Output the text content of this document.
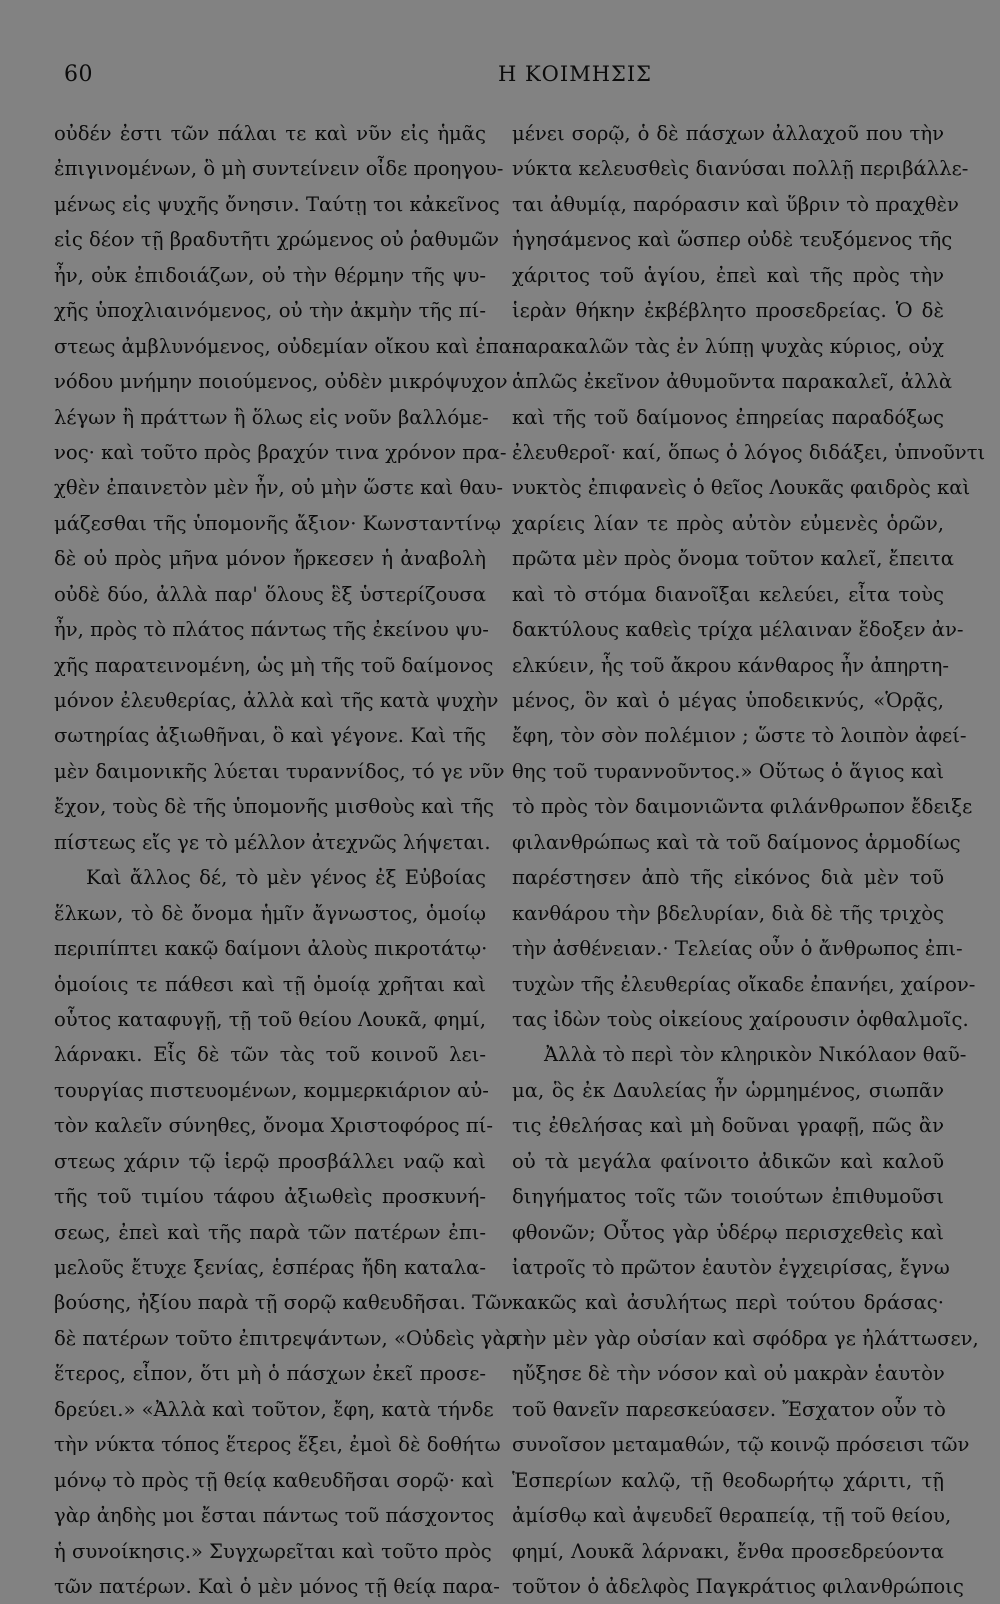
60	Η ΚΟΙΜΗΣΙΣ
οὐδέν ἐστι τῶν πάλαι τε καὶ νῦν εἰς ἡμᾶς
ἐπιγινομένων, ὃ μὴ συντείνειν οἶδε προηγου-
μένως εἰς ψυχῆς ὄνησιν. Ταύτῃ τοι κἀκεῖνος
εἰς δέον τῇ βραδυτῆτι χρώμενος οὐ ῥαθυμῶν
ἦν, οὐκ ἐπιδοιάζων, οὐ τὴν θέρμην τῆς ψυ-
χῆς ὑποχλιαινόμενος, οὐ τὴν ἀκμὴν τῆς πί-
στεως ἀμβλυνόμενος, οὐδεμίαν οἴκου καὶ ἐπα-
νόδου μνήμην ποιούμενος, οὐδὲν μικρόψυχον
λέγων ἢ πράττων ἢ ὅλως εἰς νοῦν βαλλόμε-
νος· καὶ τοῦτο πρὸς βραχύν τινα χρόνον πρα-
χθὲν ἐπαινετὸν μὲν ἦν, οὐ μὴν ὥστε καὶ θαυ-
μάζεσθαι τῆς ὑπομονῆς ἄξιον· Κωνσταντίνῳ
δὲ οὐ πρὸς μῆνα μόνον ἤρκεσεν ἡ ἀναβολὴ
οὐδὲ δύο, ἀλλὰ παρ' ὅλους ἓξ ὑστερίζουσα
ἦν, πρὸς τὸ πλάτος πάντως τῆς ἐκείνου ψυ-
χῆς παρατεινομένη, ὡς μὴ τῆς τοῦ δαίμονος
μόνον ἐλευθερίας, ἀλλὰ καὶ τῆς κατὰ ψυχὴν
σωτηρίας ἀξιωθῆναι, ὃ καὶ γέγονε. Καὶ τῆς
μὲν δαιμονικῆς λύεται τυραννίδος, τό γε νῦν
ἔχον, τοὺς δὲ τῆς ὑπομονῆς μισθοὺς καὶ τῆς
πίστεως εἴς γε τὸ μέλλον ἀτεχνῶς λήψεται.
Καὶ ἄλλος δέ, τὸ μὲν γένος ἐξ Εὐβοίας
ἕλκων, τὸ δὲ ὄνομα ἡμῖν ἄγνωστος, ὁμοίῳ
περιπίπτει κακῷ δαίμονι ἀλοὺς πικροτάτῳ·
ὁμοίοις τε πάθεσι καὶ τῇ ὁμοίᾳ χρῆται καὶ
οὗτος καταφυγῇ, τῇ τοῦ θείου Λουκᾶ, φημί,
λάρνακι. Εἷς δὲ τῶν τὰς τοῦ κοινοῦ λει-
τουργίας πιστευομένων, κομμερκιάριον αὐ-
τὸν καλεῖν σύνηθες, ὄνομα Χριστοφόρος πί-
στεως χάριν τῷ ἱερῷ προσβάλλει ναῷ καὶ
τῆς τοῦ τιμίου τάφου ἀξιωθεὶς προσκυνή-
σεως, ἐπεὶ καὶ τῆς παρὰ τῶν πατέρων ἐπι-
μελοῦς ἔτυχε ξενίας, ἑσπέρας ἤδη καταλα-
βούσης, ἠξίου παρὰ τῇ σορῷ καθευδῆσαι. Τῶν
δὲ πατέρων τοῦτο ἐπιτρεψάντων, «Οὐδεὶς γὰρ
ἕτερος, εἶπον, ὅτι μὴ ὁ πάσχων ἐκεῖ προσε-
δρεύει.» «Ἀλλὰ καὶ τοῦτον, ἔφη, κατὰ τήνδε
τὴν νύκτα τόπος ἕτερος ἕξει, ἐμοὶ δὲ δοθήτω
μόνῳ τὸ πρὸς τῇ θείᾳ καθευδῆσαι σορῷ· καὶ
γὰρ ἀηδὴς μοι ἔσται πάντως τοῦ πάσχοντος
ἡ συνοίκησις.» Συγχωρεῖται καὶ τοῦτο πρὸς
τῶν πατέρων. Καὶ ὁ μὲν μόνος τῇ θείᾳ παρα-
μένει σορῷ, ὁ δὲ πάσχων ἀλλαχοῦ που τὴν
νύκτα κελευσθεὶς διανύσαι πολλῇ περιβάλλε-
ται ἀθυμίᾳ, παρόρασιν καὶ ὕβριν τὸ πραχθὲν
ἡγησάμενος καὶ ὥσπερ οὐδὲ τευξόμενος τῆς
χάριτος τοῦ ἁγίου, ἐπεὶ καὶ τῆς πρὸς τὴν
ἱερὰν θήκην ἐκβέβλητο προσεδρείας. Ὁ δὲ
παρακαλῶν τὰς ἐν λύπῃ ψυχὰς κύριος, οὐχ
ἁπλῶς ἐκεῖνον ἀθυμοῦντα παρακαλεῖ, ἀλλὰ
καὶ τῆς τοῦ δαίμονος ἐπηρείας παραδόξως
ἐλευθεροῖ· καί, ὅπως ὁ λόγος διδάξει, ὑπνοῦντι
νυκτὸς ἐπιφανεὶς ὁ θεῖος Λουκᾶς φαιδρὸς καὶ
χαρίεις λίαν τε πρὸς αὐτὸν εὐμενὲς ὁρῶν,
πρῶτα μὲν πρὸς ὄνομα τοῦτον καλεῖ, ἔπειτα
καὶ τὸ στόμα διανοῖξαι κελεύει, εἶτα τοὺς
δακτύλους καθεὶς τρίχα μέλαιναν ἔδοξεν ἀν-
ελκύειν, ἧς τοῦ ἄκρου κάνθαρος ἦν ἀπηρτη-
μένος, ὃν καὶ ὁ μέγας ὑποδεικνύς, «Ὁρᾷς,
ἔφη, τὸν σὸν πολέμιον ; ὥστε τὸ λοιπὸν ἀφεί-
θης τοῦ τυραννοῦντος.» Οὕτως ὁ ἅγιος καὶ
τὸ πρὸς τὸν δαιμονιῶντα φιλάνθρωπον ἔδειξε
φιλανθρώπως καὶ τὰ τοῦ δαίμονος ἁρμοδίως
παρέστησεν ἀπὸ τῆς εἰκόνος διὰ μὲν τοῦ
κανθάρου τὴν βδελυρίαν, διὰ δὲ τῆς τριχὸς
τὴν ἀσθένειαν.· Τελείας οὖν ὁ ἄνθρωπος ἐπι-
τυχὼν τῆς ἐλευθερίας οἴκαδε ἐπανήει, χαίρον-
τας ἰδὼν τοὺς οἰκείους χαίρουσιν ὀφθαλμοῖς.
Ἀλλὰ τὸ περὶ τὸν κληρικὸν Νικόλαον θαῦ-
μα, ὃς ἐκ Δαυλείας ἦν ὡρμημένος, σιωπᾶν
τις ἐθελήσας καὶ μὴ δοῦναι γραφῇ, πῶς ἂν
οὐ τὰ μεγάλα φαίνοιτο ἀδικῶν καὶ καλοῦ
διηγήματος τοῖς τῶν τοιούτων ἐπιθυμοῦσι
φθονῶν; Οὗτος γὰρ ὑδέρῳ περισχεθεὶς καὶ
ἰατροῖς τὸ πρῶτον ἑαυτὸν ἐγχειρίσας, ἔγνω
κακῶς καὶ ἀσυλήτως περὶ τούτου δράσας·
τὴν μὲν γὰρ οὐσίαν καὶ σφόδρα γε ἠλάττωσεν,
ηὔξησε δὲ τὴν νόσον καὶ οὐ μακρὰν ἑαυτὸν
τοῦ θανεῖν παρεσκεύασεν. Ἔσχατον οὖν τὸ
συνοῖσον μεταμαθών, τῷ κοινῷ πρόσεισι τῶν
Ἑσπερίων καλῷ, τῇ θεοδωρήτῳ χάριτι, τῇ
ἀμίσθῳ καὶ ἀψευδεῖ θεραπείᾳ, τῇ τοῦ θείου,
φημί, Λουκᾶ λάρνακι, ἔνθα προσεδρεύοντα
τοῦτον ὁ ἀδελφὸς Παγκράτιος φιλανθρώποις
